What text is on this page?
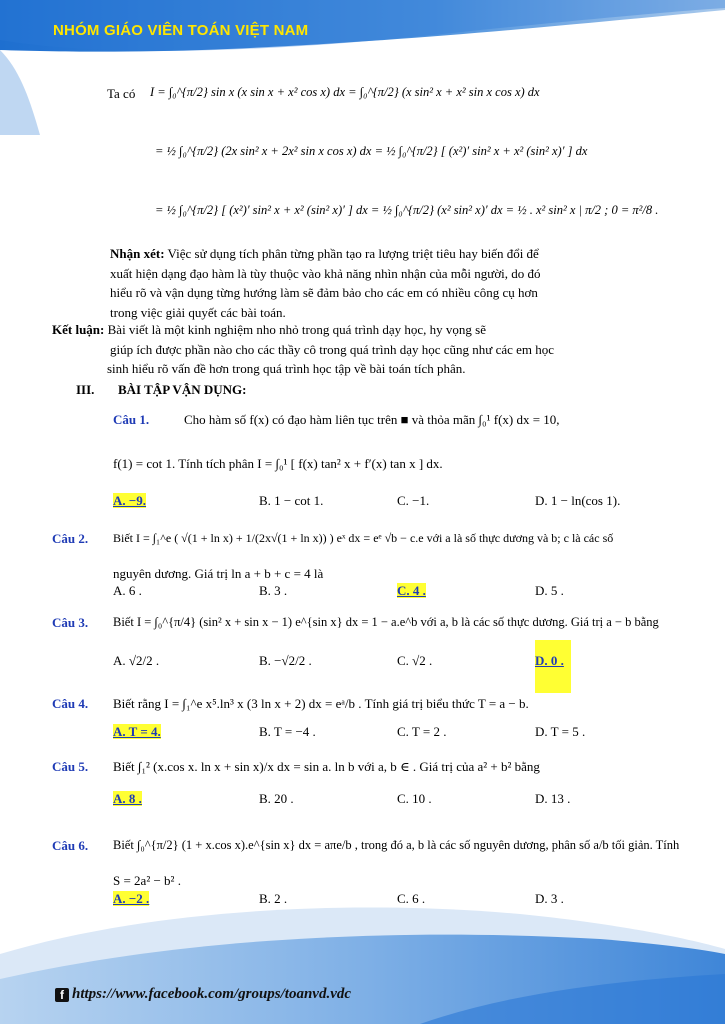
NHÓM GIÁO VIÊN TOÁN VIỆT NAM
Ta có I = ∫₀^{π/2} sin x (x sin x + x² cos x) dx = ∫₀^{π/2} (x sin² x + x² sin x cos x) dx
= ½ ∫₀^{π/2} (2x sin² x + 2x² sin x cos x) dx = ½ ∫₀^{π/2} [ (x²)′ sin² x + x² (sin² x)′ ] dx
= ½ ∫₀^{π/2} [ (x²)′ sin² x + x² (sin² x)′ ] dx = ½ ∫₀^{π/2} (x² sin² x)′ dx = ½ . x² sin² x | π/2 ; 0 = π²/8 .
Nhận xét: Việc sử dụng tích phân từng phần tạo ra lượng triệt tiêu hay biến đổi để
xuất hiện dạng đạo hàm là tùy thuộc vào khả năng nhìn nhận của mỗi người, do đó
hiểu rõ và vận dụng từng hướng làm sẽ đảm bảo cho các em có nhiều công cụ hơn
trong việc giải quyết các bài toán.
Kết luận: Bài viết là một kinh nghiệm nho nhỏ trong quá trình dạy học, hy vọng sẽ
giúp ích được phần nào cho các thầy cô trong quá trình dạy học cũng như các em học
sinh hiểu rõ vấn đề hơn trong quá trình học tập về bài toán tích phân.
III. BÀI TẬP VẬN DỤNG:
Câu 1.	Cho hàm số f(x) có đạo hàm liên tục trên ■ và thỏa mãn ∫₀¹ f(x) dx = 10,
f(1) = cot 1. Tính tích phân I = ∫₀¹ [ f(x) tan² x + f′(x) tan x ] dx.
A. −9.	B. 1 − cot 1.	C. −1.	D. 1 − ln(cos 1).
Câu 2. Biết I = ∫₁^e ( √(1 + ln x) + 1/(2x√(1 + ln x)) ) eˣ dx = eᵉ √b − c.e với a là số thực dương và b; c là các số
nguyên dương. Giá trị ln a + b + c = 4 là
A. 6 .	B. 3 .	C. 4 .	D. 5 .
Câu 3. Biết I = ∫₀^{π/4} (sin² x + sin x − 1) e^{sin x} dx = 1 − a.e^b với a, b là các số thực dương. Giá trị a − b bằng
A. √2/2 .	B. −√2/2 .	C. √2 .	D. 0 .
Câu 4. Biết rằng I = ∫₁^e x⁵.ln³ x (3 ln x + 2) dx = eᵃ/b . Tính giá trị biểu thức T = a − b.
A. T = 4.	B. T = −4 .	C. T = 2 .	D. T = 5 .
Câu 5. Biết ∫₁² (x.cos x. ln x + sin x)/x dx = sin a. ln b với a, b ∈ . Giá trị của a² + b² bằng
A. 8 .	B. 20 .	C. 10 .	D. 13 .
Câu 6. Biết ∫₀^{π/2} (1 + x.cos x).e^{sin x} dx = aπe/b , trong đó a, b là các số nguyên dương, phân số a/b tối giản. Tính
S = 2a² − b² .
A. −2 .	B. 2 .	C. 6 .	D. 3 .
f https://www.facebook.com/groups/toanvd.vdc
